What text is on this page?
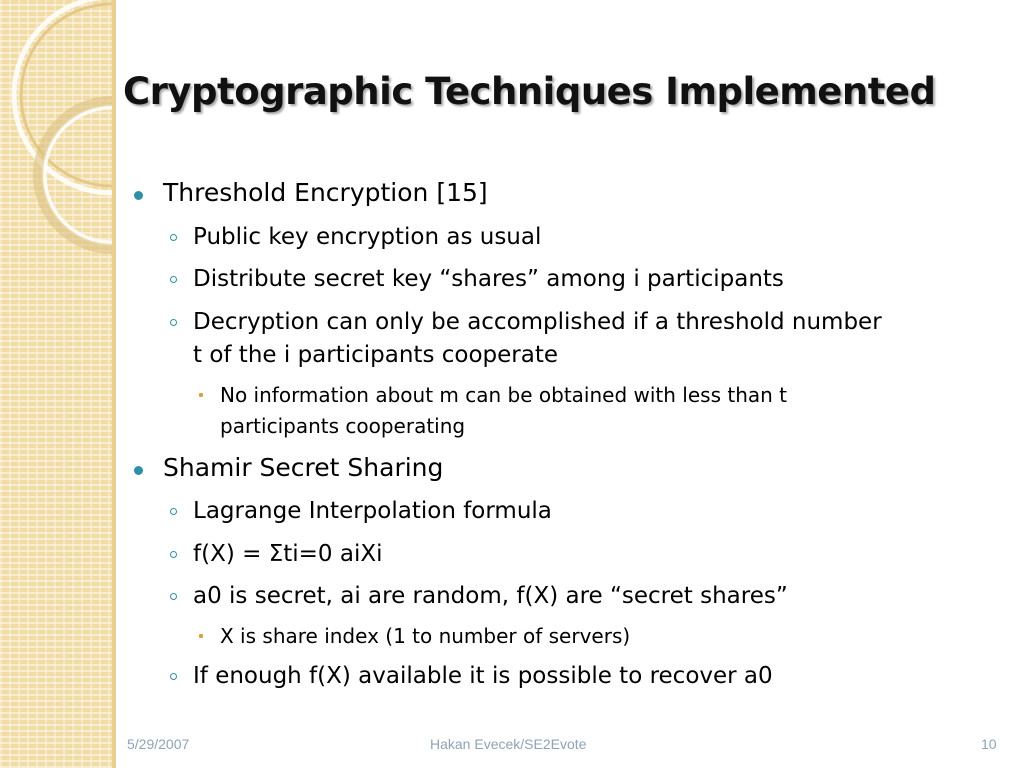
Cryptographic Techniques Implemented
Threshold Encryption [15]
Public key encryption as usual
Distribute secret key “shares” among i participants
Decryption can only be accomplished if a threshold number
t of the i participants cooperate
No information about m can be obtained with less than t
participants cooperating
Shamir Secret Sharing
Lagrange Interpolation formula
f(X) = Σti=0 aiXi
a0 is secret, ai are random, f(X) are “secret shares”
X is share index (1 to number of servers)
If enough f(X) available it is possible to recover a0
5/29/2007	Hakan Evecek/SE2Evote	10
